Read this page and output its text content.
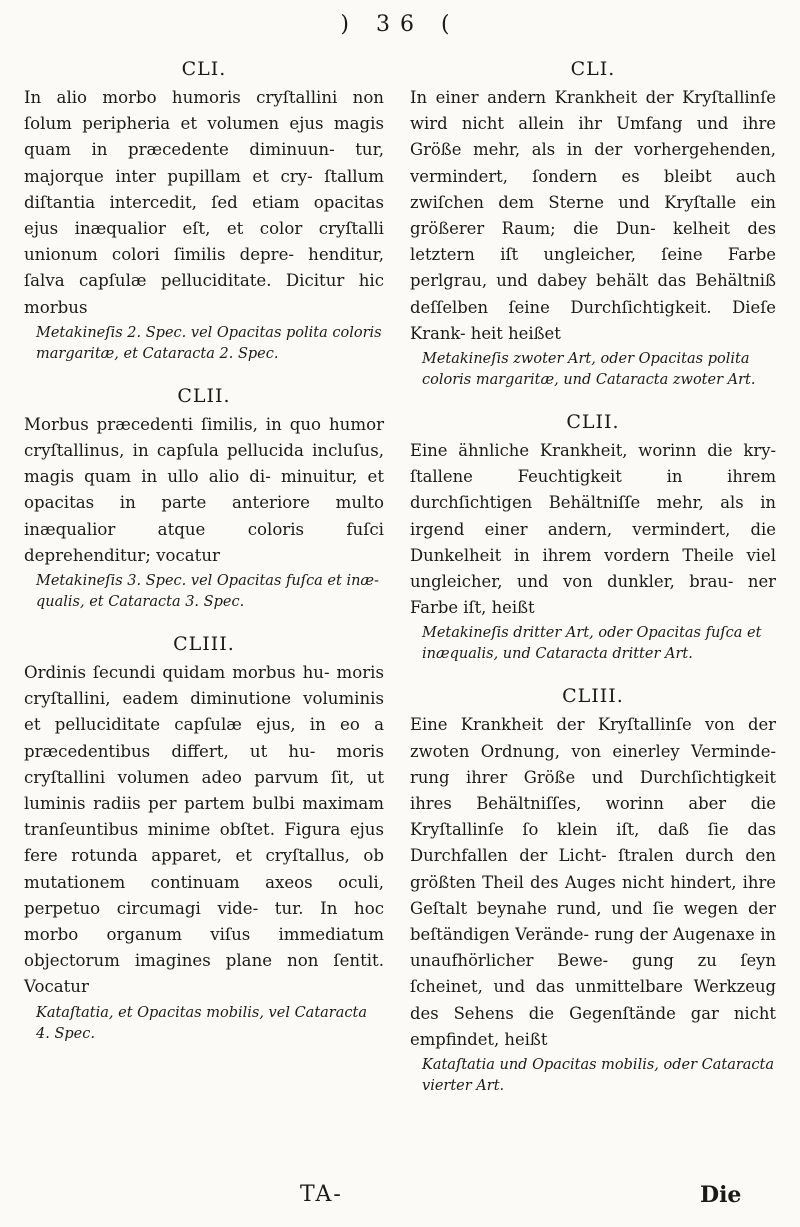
) 36 (

CLI.

In alio morbo humoris cryſtallini non ſolum peripheria et volumen ejus magis quam in præcedente diminuun- tur, majorque inter pupillam et cry- ſtallum diſtantia intercedit, ſed etiam opacitas ejus inæqualior eſt, et color cryſtalli unionum colori ſimilis depre- henditur, ſalva capſulæ pelluciditate. Dicitur hic morbus

Metakineſis 2. Spec. vel Opacitas polita coloris margaritæ, et Cataracta 2. Spec.

CLII.

Morbus præcedenti ſimilis, in quo humor cryſtallinus, in capſula pellucida incluſus, magis quam in ullo alio di- minuitur, et opacitas in parte anteriore multo inæqualior atque coloris fuſci deprehenditur; vocatur

Metakineſis 3. Spec. vel Opacitas fuſca et inæ- qualis, et Cataracta 3. Spec.

CLIII.

Ordinis ſecundi quidam morbus hu- moris cryſtallini, eadem diminutione voluminis et pelluciditate capſulæ ejus, in eo a præcedentibus differt, ut hu- moris cryſtallini volumen adeo parvum ſit, ut luminis radiis per partem bulbi maximam tranſeuntibus minime obſtet. Figura ejus fere rotunda apparet, et cryſtallus, ob mutationem continuam axeos oculi, perpetuo circumagi vide- tur. In hoc morbo organum viſus immediatum objectorum imagines plane non ſentit. Vocatur

Kataſtatia, et Opacitas mobilis, vel Cataracta 4. Spec.

CLI.

In einer andern Krankheit der Kryſtallinſe wird nicht allein ihr Umfang und ihre Größe mehr, als in der vorhergehenden, vermindert, ſondern es bleibt auch zwiſchen dem Sterne und Kryſtalle ein größerer Raum; die Dun- kelheit des letztern iſt ungleicher, ſeine Farbe perlgrau, und dabey behält das Behältniß deſſelben ſeine Durchſichtigkeit. Dieſe Krank- heit heißet

Metakineſis zwoter Art, oder Opacitas polita coloris margaritæ, und Cataracta zwoter Art.

CLII.

Eine ähnliche Krankheit, worinn die kry- ſtallene Feuchtigkeit in ihrem durchſichtigen Behältniſſe mehr, als in irgend einer andern, vermindert, die Dunkelheit in ihrem vordern Theile viel ungleicher, und von dunkler, brau- ner Farbe iſt, heißt

Metakineſis dritter Art, oder Opacitas fuſca et inæqualis, und Cataracta dritter Art.

CLIII.

Eine Krankheit der Kryſtallinſe von der zwoten Ordnung, von einerley Verminde- rung ihrer Größe und Durchſichtigkeit ihres Behältniſſes, worinn aber die Kryſtallinſe ſo klein iſt, daß ſie das Durchfallen der Licht- ſtralen durch den größten Theil des Auges nicht hindert, ihre Geſtalt beynahe rund, und ſie wegen der beſtändigen Verände- rung der Augenaxe in unaufhörlicher Bewe- gung zu ſeyn ſcheinet, und das unmittelbare Werkzeug des Sehens die Gegenſtände gar nicht empfindet, heißt

Kataſtatia und Opacitas mobilis, oder Cataracta vierter Art.

TA-	Die
